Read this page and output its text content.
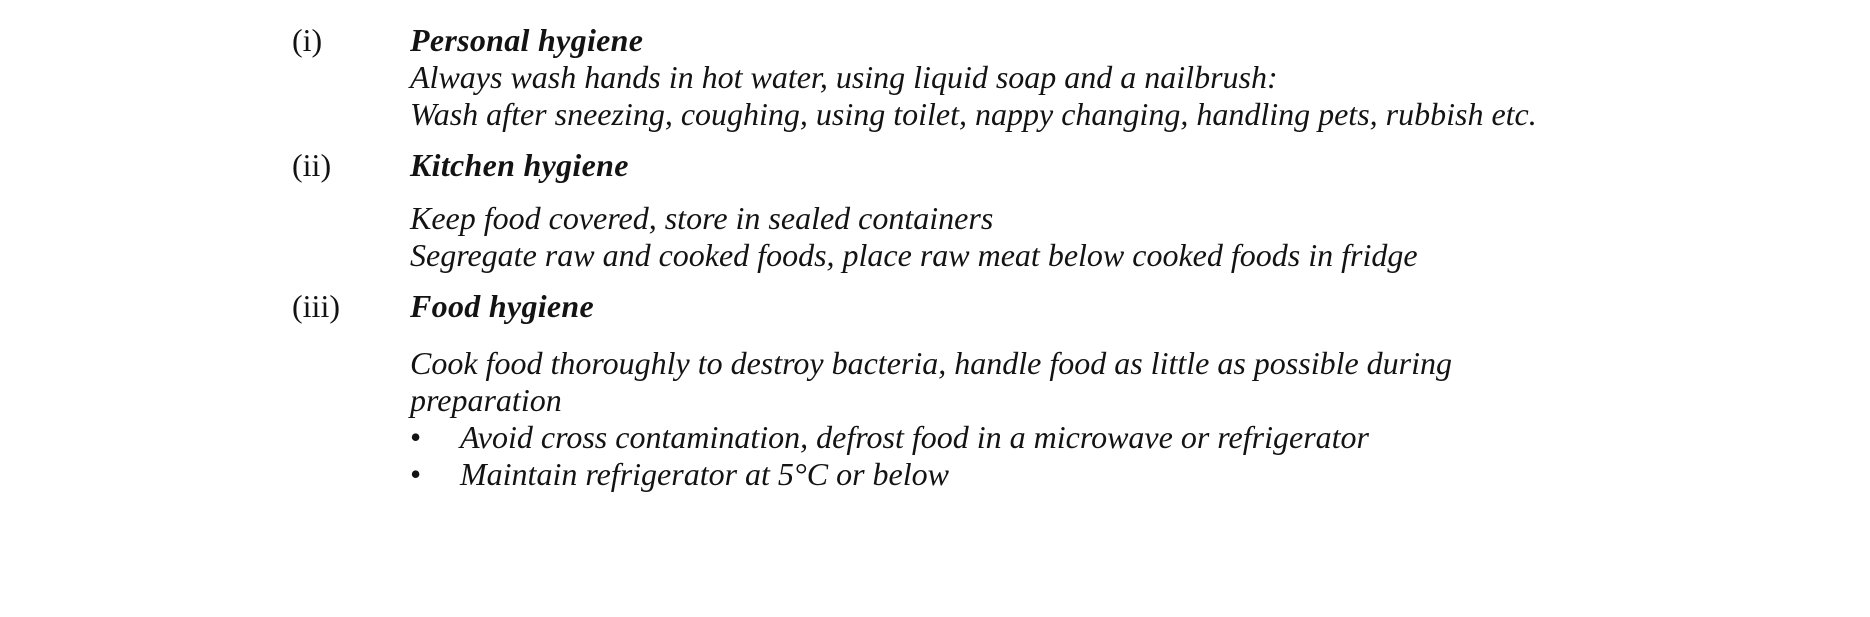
(i)	Personal hygiene
Always wash hands in hot water, using liquid soap and a nailbrush:
Wash after sneezing, coughing, using toilet, nappy changing, handling pets, rubbish etc.
(ii)	Kitchen hygiene
Keep food covered, store in sealed containers
Segregate raw and cooked foods, place raw meat below cooked foods in fridge
(iii)	Food hygiene
Cook food thoroughly to destroy bacteria, handle food as little as possible during
preparation
•	Avoid cross contamination, defrost food in a microwave or refrigerator
•	Maintain refrigerator at 5°C or below
